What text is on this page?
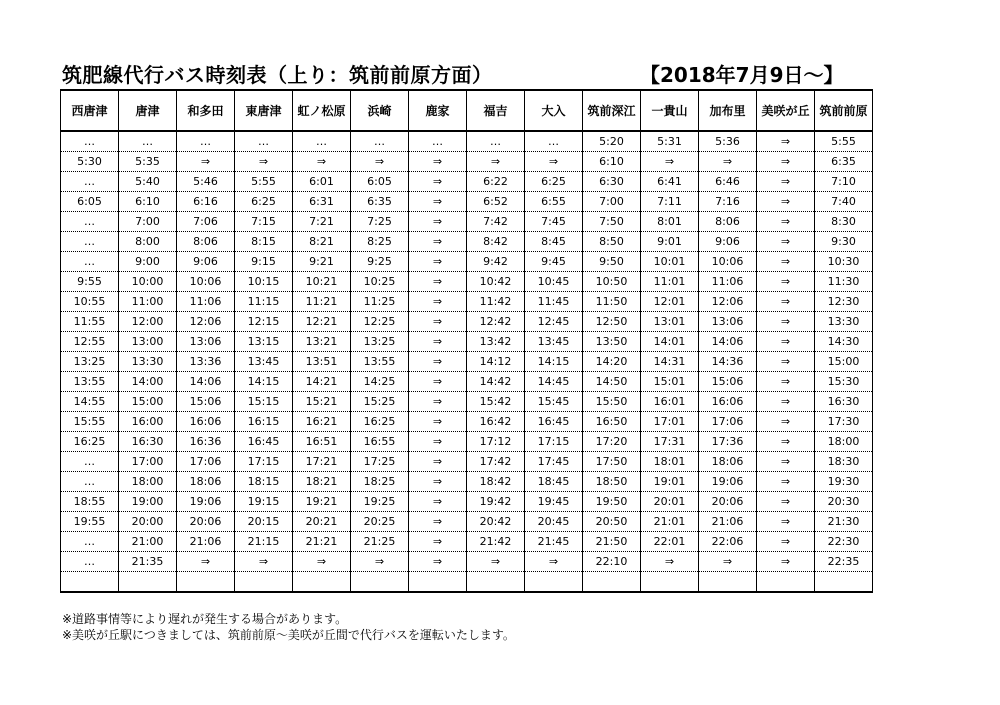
筑肥線代行バス時刻表（上り：筑前前原方面）	【2018年7月9日～】
西唐津	唐津	和多田	東唐津	虹ノ松原	浜崎	鹿家	福吉	大入	筑前深江	一貴山	加布里	美咲が丘	筑前前原
…	…	…	…	…	…	…	…	…	5:20	5:31	5:36	⇒	5:55
5:30	5:35	⇒	⇒	⇒	⇒	⇒	⇒	⇒	6:10	⇒	⇒	⇒	6:35
…	5:40	5:46	5:55	6:01	6:05	⇒	6:22	6:25	6:30	6:41	6:46	⇒	7:10
6:05	6:10	6:16	6:25	6:31	6:35	⇒	6:52	6:55	7:00	7:11	7:16	⇒	7:40
…	7:00	7:06	7:15	7:21	7:25	⇒	7:42	7:45	7:50	8:01	8:06	⇒	8:30
…	8:00	8:06	8:15	8:21	8:25	⇒	8:42	8:45	8:50	9:01	9:06	⇒	9:30
…	9:00	9:06	9:15	9:21	9:25	⇒	9:42	9:45	9:50	10:01	10:06	⇒	10:30
9:55	10:00	10:06	10:15	10:21	10:25	⇒	10:42	10:45	10:50	11:01	11:06	⇒	11:30
10:55	11:00	11:06	11:15	11:21	11:25	⇒	11:42	11:45	11:50	12:01	12:06	⇒	12:30
11:55	12:00	12:06	12:15	12:21	12:25	⇒	12:42	12:45	12:50	13:01	13:06	⇒	13:30
12:55	13:00	13:06	13:15	13:21	13:25	⇒	13:42	13:45	13:50	14:01	14:06	⇒	14:30
13:25	13:30	13:36	13:45	13:51	13:55	⇒	14:12	14:15	14:20	14:31	14:36	⇒	15:00
13:55	14:00	14:06	14:15	14:21	14:25	⇒	14:42	14:45	14:50	15:01	15:06	⇒	15:30
14:55	15:00	15:06	15:15	15:21	15:25	⇒	15:42	15:45	15:50	16:01	16:06	⇒	16:30
15:55	16:00	16:06	16:15	16:21	16:25	⇒	16:42	16:45	16:50	17:01	17:06	⇒	17:30
16:25	16:30	16:36	16:45	16:51	16:55	⇒	17:12	17:15	17:20	17:31	17:36	⇒	18:00
…	17:00	17:06	17:15	17:21	17:25	⇒	17:42	17:45	17:50	18:01	18:06	⇒	18:30
…	18:00	18:06	18:15	18:21	18:25	⇒	18:42	18:45	18:50	19:01	19:06	⇒	19:30
18:55	19:00	19:06	19:15	19:21	19:25	⇒	19:42	19:45	19:50	20:01	20:06	⇒	20:30
19:55	20:00	20:06	20:15	20:21	20:25	⇒	20:42	20:45	20:50	21:01	21:06	⇒	21:30
…	21:00	21:06	21:15	21:21	21:25	⇒	21:42	21:45	21:50	22:01	22:06	⇒	22:30
…	21:35	⇒	⇒	⇒	⇒	⇒	⇒	⇒	22:10	⇒	⇒	⇒	22:35

※道路事情等により遅れが発生する場合があります。
※美咲が丘駅につきましては、筑前前原～美咲が丘間で代行バスを運転いたします。
